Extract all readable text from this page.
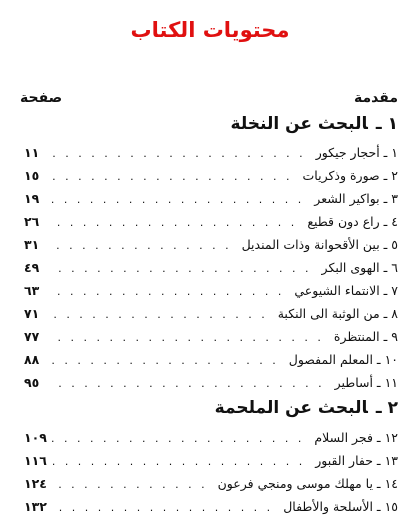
محتويات الكتاب
مقدمة
صفحة
١ ـالبحث عن النخلة
١ ـ أحجار جيكور
. . .
١١
٢ ـ صورة وذكريات
. . .
١٥
٣ ـ بواكير الشعر
. . .
١٩
٤ ـ راع دون قطيع
. . .
٢٦
٥ ـ بين الأقحوانة وذات المنديل
. . .
٣١
٦ ـ الهوى البكر
. . .
٤٩
٧ ـ الانتماء الشيوعي
. . .
٦٣
٨ ـ من الوثبة الى النكبة
. . .
٧١
٩ ـ المنتظرة
. . .
٧٧
١٠ ـ المعلم المفصول
. . .
٨٨
١١ ـ أساطير
. . .
٩٥
٢ ـالبحث عن الملحمة
١٢ ـ فجر السلام
. . .
١٠٩
١٣ ـ حفار القبور
. . .
١١٦
١٤ ـ يا مهلك موسى ومنجي فرعون
. . .
١٢٤
١٥ ـ الأسلحة والأطفال
. . .
١٣٢
